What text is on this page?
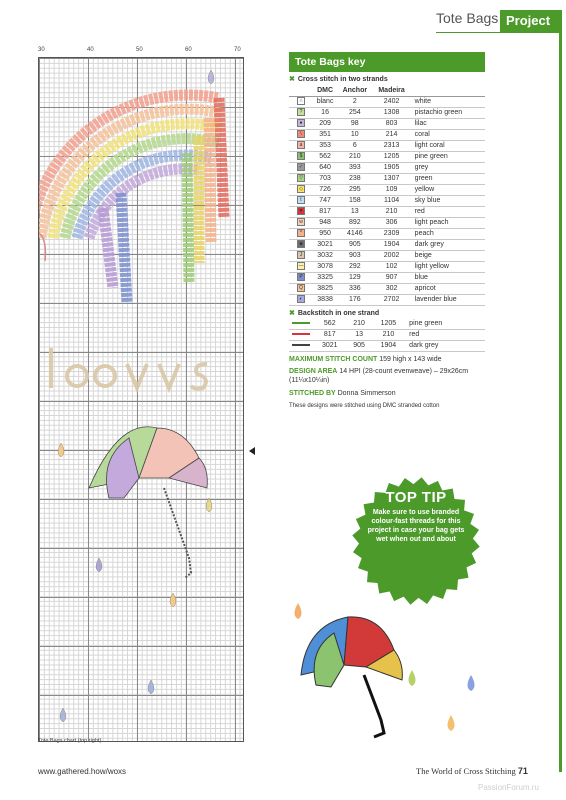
Tote Bags Project
30	40	50	60	70
Tote Bags chart (top right)
Tote Bags key
✖ Cross stitch in two strands
	DMC	Anchor	Madeira	
∩	blanc	2	2402	white
?	16	254	1308	pistachio green
●	209	98	803	lilac
\	351	10	214	coral
a	353	6	2313	light coral
$	562	210	1205	pine green
✓	640	393	1905	grey
▽	703	238	1307	green
◇	726	295	109	yellow
t	747	158	1104	sky blue
♥	817	13	210	red
w	948	892	306	light peach
^	950	4146	2309	peach
■	3021	905	1904	dark grey
J	3032	903	2002	beige
—	3078	292	102	light yellow
P	3325	129	907	blue
Q	3825	336	302	apricot
◐	3838	176	2702	lavender blue
✖ Backstitch in one strand
	562	210	1205	pine green
	817	13	210	red
	3021	905	1904	dark grey
MAXIMUM STITCH COUNT 159 high x 143 wide
DESIGN AREA 14 HPI (28-count evenweave) – 29x26cm (11¼x10¼in)
STITCHED BY Donna Simmerson
These designs were stitched using DMC stranded cotton
TOP TIP
Make sure to use branded colour-fast threads for this project in case your bag gets wet when out and about
www.gathered.how/woxs	The World of Cross Stitching 71
PassionForum.ru
